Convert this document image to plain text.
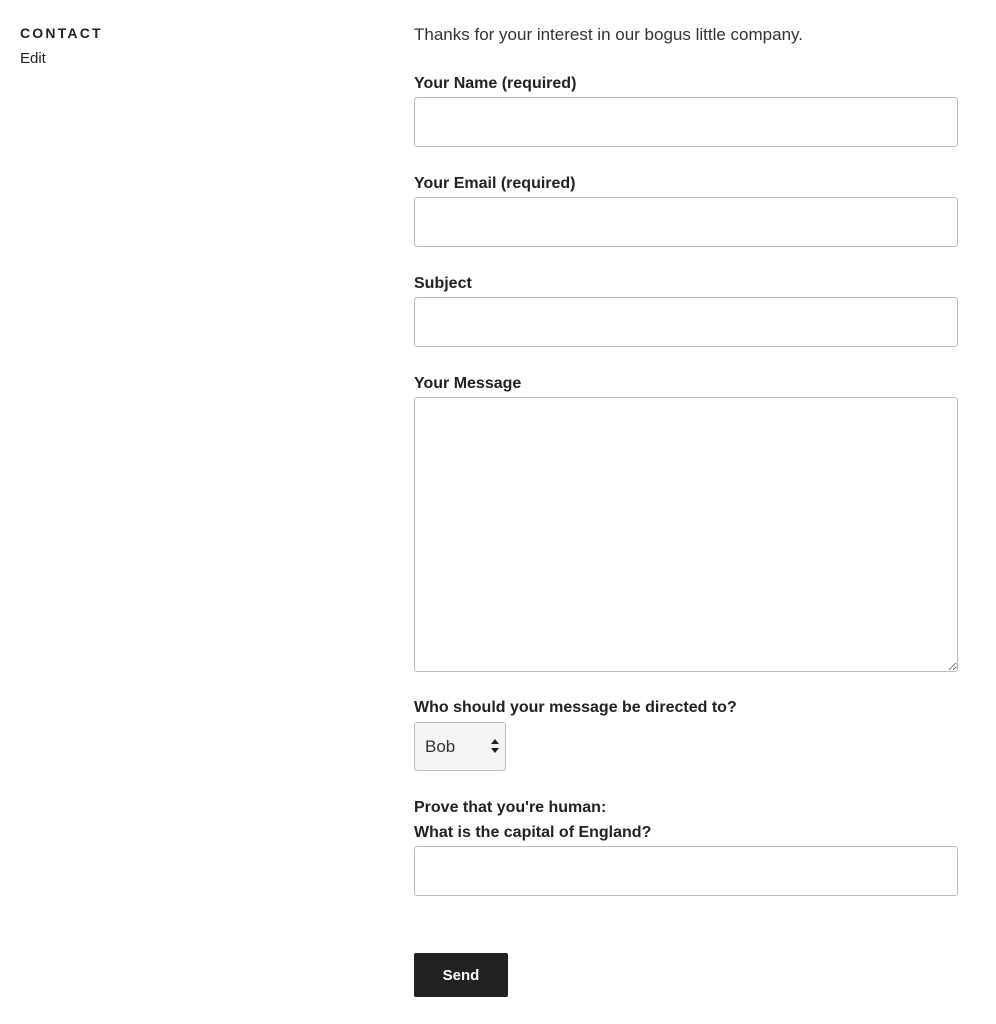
CONTACT
Edit
Thanks for your interest in our bogus little company.
Your Name (required)
Your Email (required)
Subject
Your Message
Who should your message be directed to?
Bob
Prove that you're human:
What is the capital of England?
Send
